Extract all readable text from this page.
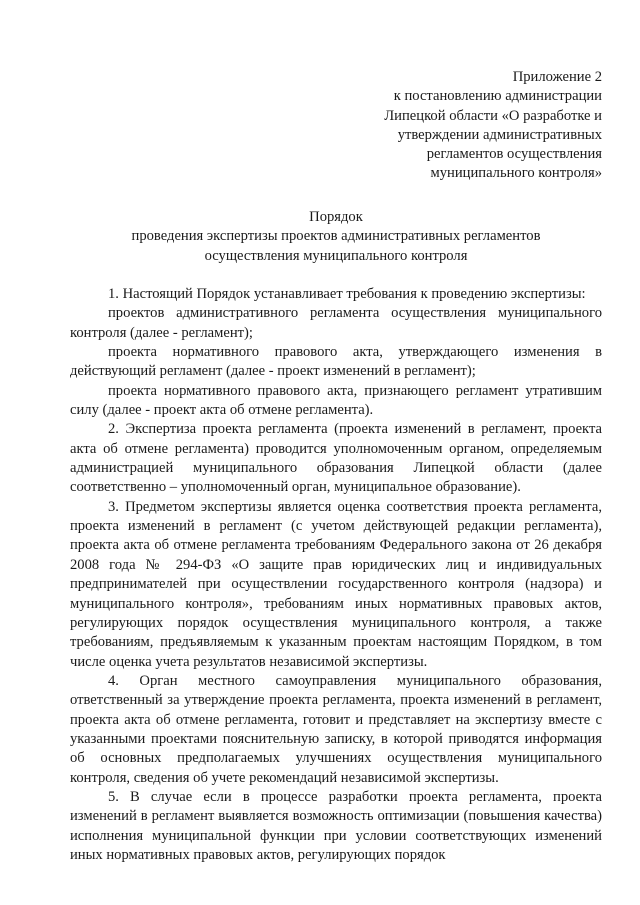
Приложение 2
к постановлению администрации
Липецкой области «О разработке и
утверждении административных
регламентов осуществления
муниципального контроля»
Порядок
проведения экспертизы проектов административных регламентов
осуществления муниципального контроля

1. Настоящий Порядок устанавливает требования к проведению экспертизы:

проектов административного регламента осуществления муниципального контроля (далее - регламент);

проекта нормативного правового акта, утверждающего изменения в действующий регламент (далее - проект изменений в регламент);

проекта нормативного правового акта, признающего регламент утратившим силу (далее - проект акта об отмене регламента).

2. Экспертиза проекта регламента (проекта изменений в регламент, проекта акта об отмене регламента) проводится уполномоченным органом, определяемым администрацией муниципального образования Липецкой области (далее соответственно – уполномоченный орган, муниципальное образование).

3. Предметом экспертизы является оценка соответствия проекта регламента, проекта изменений в регламент (с учетом действующей редакции регламента), проекта акта об отмене регламента требованиям Федерального закона от 26 декабря 2008 года № 294-ФЗ «О защите прав юридических лиц и индивидуальных предпринимателей при осуществлении государственного контроля (надзора) и муниципального контроля», требованиям иных нормативных правовых актов, регулирующих порядок осуществления муниципального контроля, а также требованиям, предъявляемым к указанным проектам настоящим Порядком, в том числе оценка учета результатов независимой экспертизы.

4. Орган местного самоуправления муниципального образования, ответственный за утверждение проекта регламента, проекта изменений в регламент, проекта акта об отмене регламента, готовит и представляет на экспертизу вместе с указанными проектами пояснительную записку, в которой приводятся информация об основных предполагаемых улучшениях осуществления муниципального контроля, сведения об учете рекомендаций независимой экспертизы.

5. В случае если в процессе разработки проекта регламента, проекта изменений в регламент выявляется возможность оптимизации (повышения качества) исполнения муниципальной функции при условии соответствующих изменений иных нормативных правовых актов, регулирующих порядок
